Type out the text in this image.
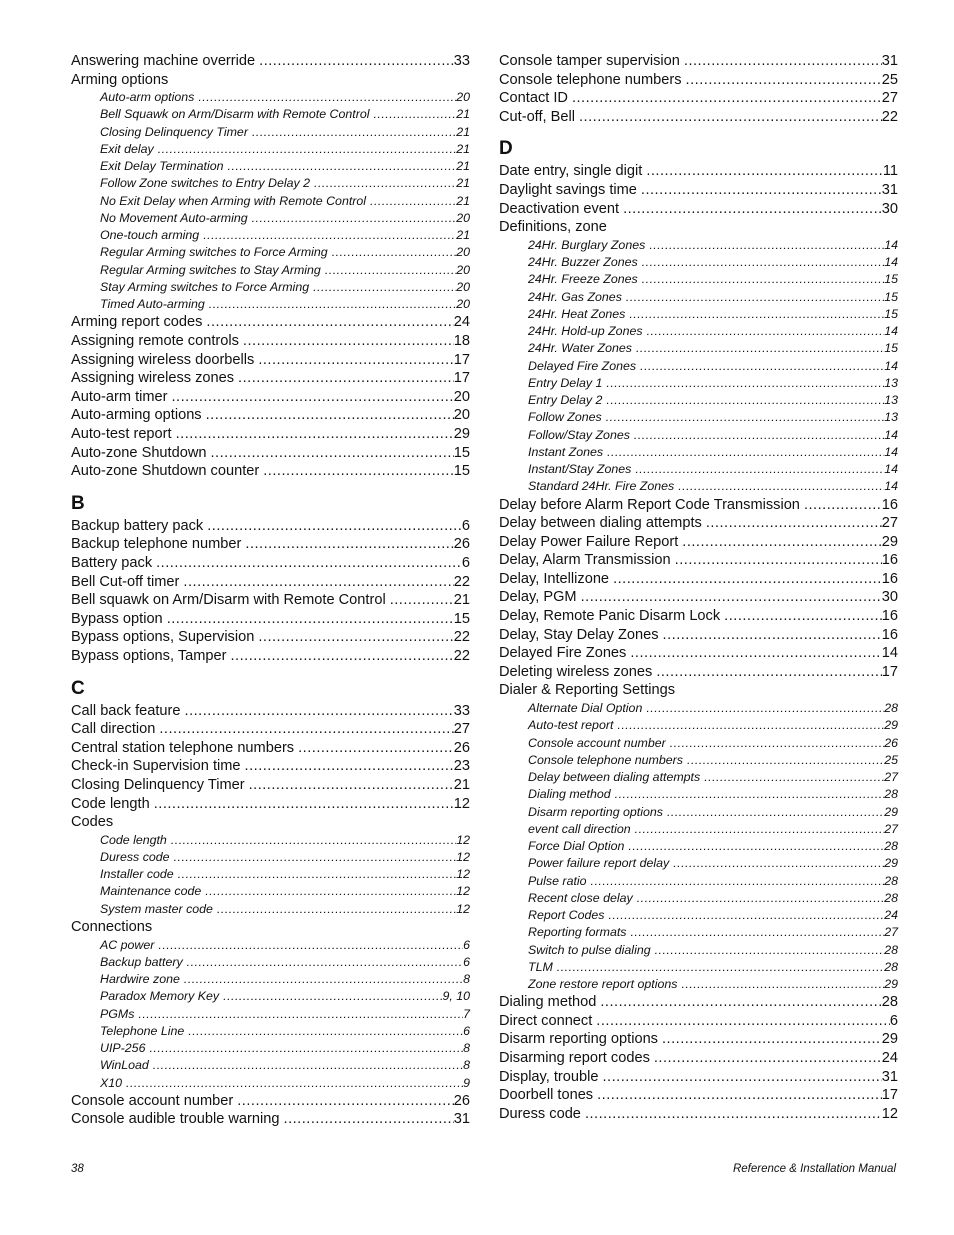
Answering machine override .....	33
Arming options
Auto-arm options .....	20
Bell Squawk on Arm/Disarm with Remote Control .....	21
Closing Delinquency Timer .....	21
Exit delay .....	21
Exit Delay Termination .....	21
Follow Zone switches to Entry Delay 2 .....	21
No Exit Delay when Arming with Remote Control .....	21
No Movement Auto-arming .....	20
One-touch arming .....	21
Regular Arming switches to Force Arming .....	20
Regular Arming switches to Stay Arming .....	20
Stay Arming switches to Force Arming .....	20
Timed Auto-arming .....	20
Arming report codes .....	24
Assigning remote controls .....	18
Assigning wireless doorbells .....	17
Assigning wireless zones .....	17
Auto-arm timer .....	20
Auto-arming options .....	20
Auto-test report .....	29
Auto-zone Shutdown .....	15
Auto-zone Shutdown counter .....	15
B
Backup battery pack .....	6
Backup telephone number .....	26
Battery pack .....	6
Bell Cut-off timer .....	22
Bell squawk on Arm/Disarm with Remote Control .....	21
Bypass option .....	15
Bypass options, Supervision .....	22
Bypass options, Tamper .....	22
C
Call back feature .....	33
Call direction .....	27
Central station telephone numbers .....	26
Check-in Supervision time .....	23
Closing Delinquency Timer .....	21
Code length .....	12
Codes
Code length .....	12
Duress code .....	12
Installer code .....	12
Maintenance code .....	12
System master code .....	12
Connections
AC power .....	6
Backup battery .....	6
Hardwire zone .....	8
Paradox Memory Key .....	9, 10
PGMs .....	7
Telephone Line .....	6
UIP-256 .....	8
WinLoad .....	8
X10 .....	9
Console account number .....	26
Console audible trouble warning .....	31
Console tamper supervision .....	31
Console telephone numbers .....	25
Contact ID .....	27
Cut-off, Bell .....	22
D
Date entry, single digit .....	11
Daylight savings time .....	31
Deactivation event .....	30
Definitions, zone
24Hr. Burglary Zones .....	14
24Hr. Buzzer Zones .....	14
24Hr. Freeze Zones .....	15
24Hr. Gas Zones .....	15
24Hr. Heat Zones .....	15
24Hr. Hold-up Zones .....	14
24Hr. Water Zones .....	15
Delayed Fire Zones .....	14
Entry Delay 1 .....	13
Entry Delay 2 .....	13
Follow Zones .....	13
Follow/Stay Zones .....	14
Instant Zones .....	14
Instant/Stay Zones .....	14
Standard 24Hr. Fire Zones .....	14
Delay before Alarm Report Code Transmission .....	16
Delay between dialing attempts .....	27
Delay Power Failure Report .....	29
Delay, Alarm Transmission .....	16
Delay, Intellizone .....	16
Delay, PGM .....	30
Delay, Remote Panic Disarm Lock .....	16
Delay, Stay Delay Zones .....	16
Delayed Fire Zones .....	14
Deleting wireless zones .....	17
Dialer & Reporting Settings
Alternate Dial Option .....	28
Auto-test report .....	29
Console account number .....	26
Console telephone numbers .....	25
Delay between dialing attempts .....	27
Dialing method .....	28
Disarm reporting options .....	29
event call direction .....	27
Force Dial Option .....	28
Power failure report delay .....	29
Pulse ratio .....	28
Recent close delay .....	28
Report Codes .....	24
Reporting formats .....	27
Switch to pulse dialing .....	28
TLM .....	28
Zone restore report options .....	29
Dialing method .....	28
Direct connect .....	6
Disarm reporting options .....	29
Disarming report codes .....	24
Display, trouble .....	31
Doorbell tones .....	17
Duress code .....	12
38	Reference & Installation Manual
